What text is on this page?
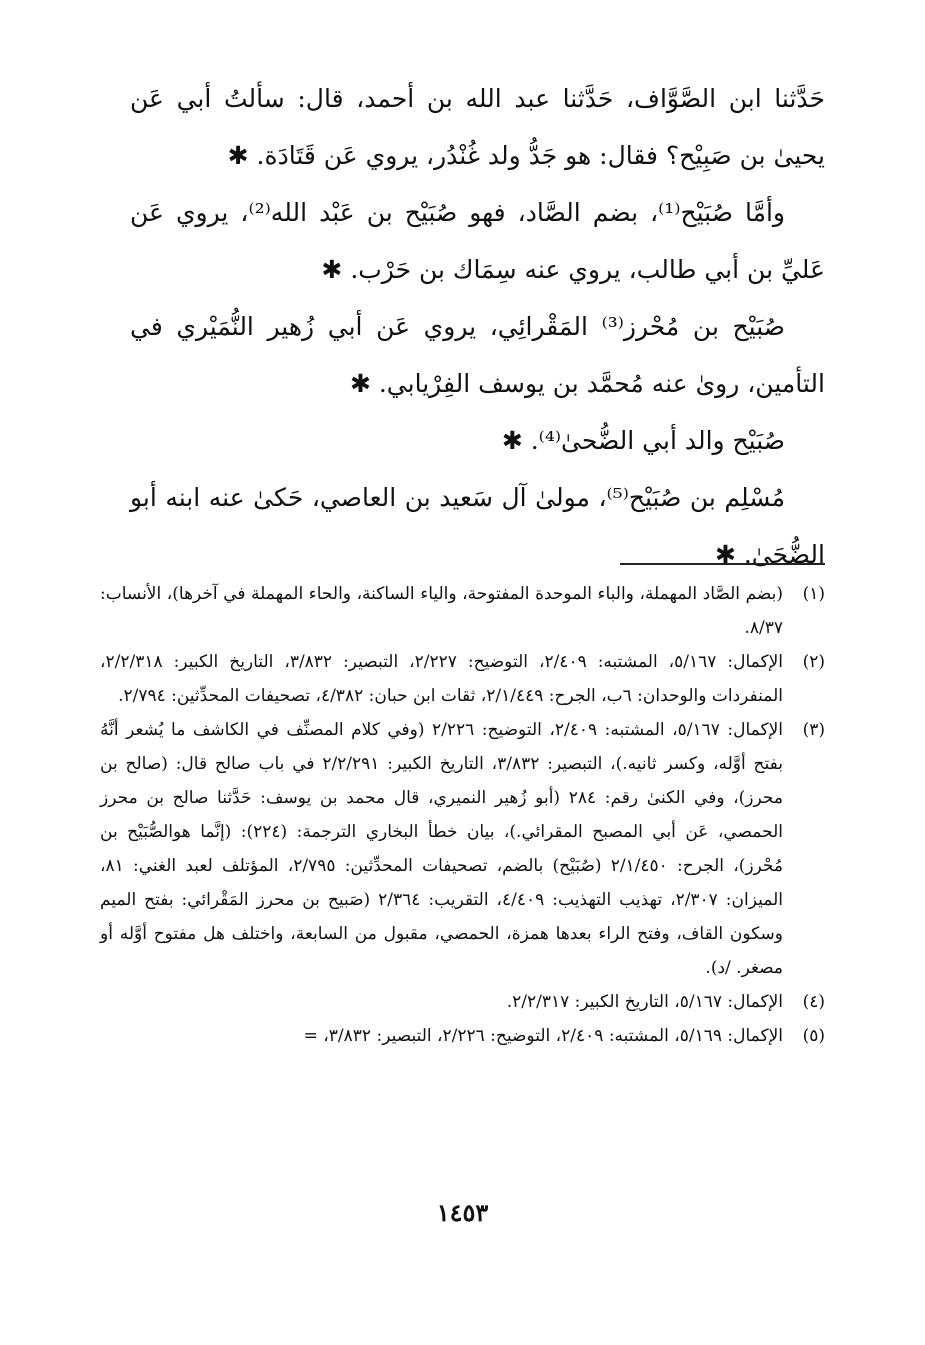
حَدَّثنا ابن الصَّوَّاف، حَدَّثنا عبد الله بن أحمد، قال: سألتُ أبي عَن يحيىٰ بن صَبِيْح؟ فقال: هو جَدُّ ولد غُنْدُر، يروي عَن قَتَادَة. ✱

وأمَّا صُبَيْح⁽¹⁾، بضم الصَّاد، فهو صُبَيْح بن عَبْد الله⁽²⁾، يروي عَن عَليِّ بن أبي طالب، يروي عنه سِمَاك بن حَرْب. ✱

صُبَيْح بن مُحْرز⁽³⁾ المَقْرائِي، يروي عَن أبي زُهير النُّمَيْري في التأمين، روىٰ عنه مُحمَّد بن يوسف الفِرْيابي. ✱

صُبَيْح والد أبي الضُّحىٰ⁽⁴⁾. ✱

مُسْلِم بن صُبَيْح⁽⁵⁾، مولىٰ آل سَعيد بن العاصي، حَكىٰ عنه ابنه أبو الضُّحَىٰ. ✱

(١)
(بضم الصَّاد المهملة، والباء الموحدة المفتوحة، والياء الساكنة، والحاء المهملة في آخرها)، الأنساب: ٨/٣٧.
(٢)
الإكمال: ٥/١٦٧، المشتبه: ٢/٤٠٩، التوضيح: ٢/٢٢٧، التبصير: ٣/٨٣٢، التاريخ الكبير: ٢/٢/٣١٨، المنفردات والوحدان: ٦ب، الجرح: ٢/١/٤٤٩، ثقات ابن حبان: ٤/٣٨٢، تصحيفات المحدِّثين: ٢/٧٩٤.
(٣)
الإكمال: ٥/١٦٧، المشتبه: ٢/٤٠٩، التوضيح: ٢/٢٢٦ (وفي كلام المصنِّف في الكاشف ما يُشعر أنَّهُ بفتح أوَّله، وكسر ثانيه.)، التبصير: ٣/٨٣٢، التاريخ الكبير: ٢/٢/٢٩١ في باب صالح قال: (صالح بن محرز)، وفي الكنىٰ رقم: ٢٨٤ (أبو زُهير النميري، قال محمد بن يوسف: حَدَّثنا صالح بن محرز الحمصي، عَن أبي المصبح المقرائي.)، بيان خطأ البخاري الترجمة: (٢٢٤): (إنَّما هوالصُّبَيْح بن مُحْرز)، الجرح: ٢/١/٤٥٠ (صُبَيْح) بالضم، تصحيفات المحدِّثين: ٢/٧٩٥، المؤتلف لعبد الغني: ٨١، الميزان: ٢/٣٠٧، تهذيب التهذيب: ٤/٤٠٩، التقريب: ٢/٣٦٤ (صَبيح بن محرز المَقْرائي: بفتح الميم وسكون القاف، وفتح الراء بعدها همزة، الحمصي، مقبول من السابعة، واختلف هل مفتوح أوَّله أو مصغر. /د).
(٤)
الإكمال: ٥/١٦٧، التاريخ الكبير: ٢/٢/٣١٧.
(٥)
الإكمال: ٥/١٦٩، المشتبه: ٢/٤٠٩، التوضيح: ٢/٢٢٦، التبصير: ٣/٨٣٢، =
١٤٥٣
